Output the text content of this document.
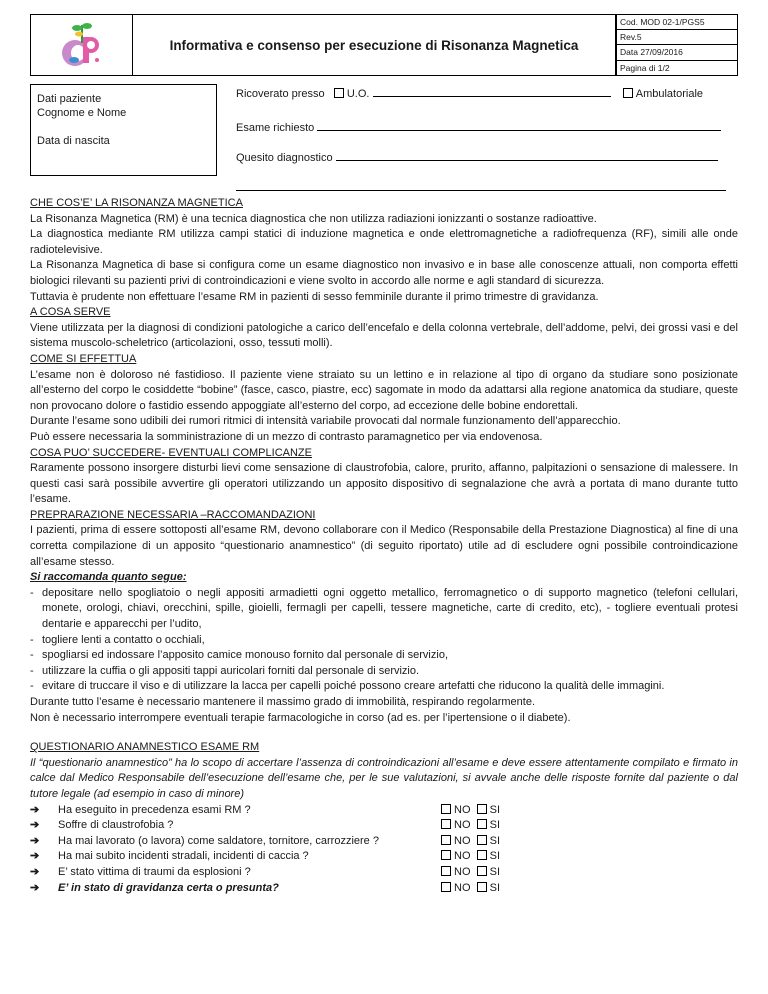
Informativa e consenso per esecuzione di Risonanza Magnetica
Cod. MOD 02-1/PGS5
Rev.5
Data 27/09/2016
Pagina di 1/2
Dati paziente
Cognome e Nome
Data di nascita
Ricoverato presso U.O.	Ambulatoriale
Esame richiesto
Quesito diagnostico

CHE COS’E’ LA RISONANZA MAGNETICA

La Risonanza Magnetica (RM) è una tecnica diagnostica che non utilizza radiazioni ionizzanti o sostanze radioattive.

La diagnostica mediante RM utilizza campi statici di induzione magnetica e onde elettromagnetiche a radiofrequenza (RF), simili alle onde radiotelevisive.

La Risonanza Magnetica di base si configura come un esame diagnostico non invasivo e in base alle conoscenze attuali, non comporta effetti biologici rilevanti su pazienti privi di controindicazioni e viene svolto in accordo alle norme e agli standard di sicurezza.

Tuttavia è prudente non effettuare l’esame RM in pazienti di sesso femminile durante il primo trimestre di gravidanza.

A COSA SERVE

Viene utilizzata per la diagnosi di condizioni patologiche a carico dell’encefalo e della colonna vertebrale, dell’addome, pelvi, dei grossi vasi e del sistema muscolo-scheletrico (articolazioni, osso, tessuti molli).

COME SI EFFETTUA

L’esame non è doloroso né fastidioso. Il paziente viene straiato su un lettino e in relazione al tipo di organo da studiare sono posizionate all’esterno del corpo le cosiddette “bobine” (fasce, casco, piastre, ecc) sagomate in modo da adattarsi alla regione anatomica da studiare, queste non provocano dolore o fastidio essendo appoggiate all’esterno del corpo, ad eccezione delle bobine endorettali.

Durante l’esame sono udibili dei rumori ritmici di intensità variabile provocati dal normale funzionamento dell’apparecchio.

Può essere necessaria la somministrazione di un mezzo di contrasto paramagnetico per via endovenosa.

COSA PUO’ SUCCEDERE- EVENTUALI COMPLICANZE

Raramente possono insorgere disturbi lievi come sensazione di claustrofobia, calore, prurito, affanno, palpitazioni o sensazione di malessere. In questi casi sarà possibile avvertire gli operatori utilizzando un apposito dispositivo di segnalazione che avrà a portata di mano durante tutto l’esame.

PREPRARAZIONE NECESSARIA –RACCOMANDAZIONI

I pazienti, prima di essere sottoposti all’esame RM, devono collaborare con il Medico (Responsabile della Prestazione Diagnostica) al fine di una corretta compilazione di un apposito “questionario anamnestico” (di seguito riportato) utile ad di escludere ogni possibile controindicazione all’esame stesso.

Si raccomanda quanto segue:

- depositare nello spogliatoio o negli appositi armadietti ogni oggetto metallico, ferromagnetico o di supporto magnetico (telefoni cellulari, monete, orologi, chiavi, orecchini, spille, gioielli, fermagli per capelli, tessere magnetiche, carte di credito, etc), - togliere eventuali protesi dentarie e apparecchi per l’udito,
- togliere lenti a contatto o occhiali,
- spogliarsi ed indossare l’apposito camice monouso fornito dal personale di servizio,
- utilizzare la cuffia o gli appositi tappi auricolari forniti dal personale di servizio.
- evitare di truccare il viso e di utilizzare la lacca per capelli poiché possono creare artefatti che riducono la qualità delle immagini.

Durante tutto l’esame è necessario mantenere il massimo grado di immobilità, respirando regolarmente.

Non è necessario interrompere eventuali terapie farmacologiche in corso (ad es. per l’ipertensione o il diabete).

QUESTIONARIO ANAMNESTICO ESAME RM

Il “questionario anamnestico” ha lo scopo di accertare l’assenza di controindicazioni all’esame e deve essere attentamente compilato e firmato in calce dal Medico Responsabile dell’esecuzione dell’esame che, per le sue valutazioni, si avvale anche delle risposte fornite dal paziente o dal tutore legale (ad esempio in caso di minore)

➔ Ha eseguito in precedenza esami RM ?	NO SI
➔ Soffre di claustrofobia ?	NO SI
➔ Ha mai lavorato (o lavora) come saldatore, tornitore, carrozziere ?	NO SI
➔ Ha mai subito incidenti stradali, incidenti di caccia ?	NO SI
➔ E’ stato vittima di traumi da esplosioni ?	NO SI
➔ E’ in stato di gravidanza certa o presunta?	NO SI
